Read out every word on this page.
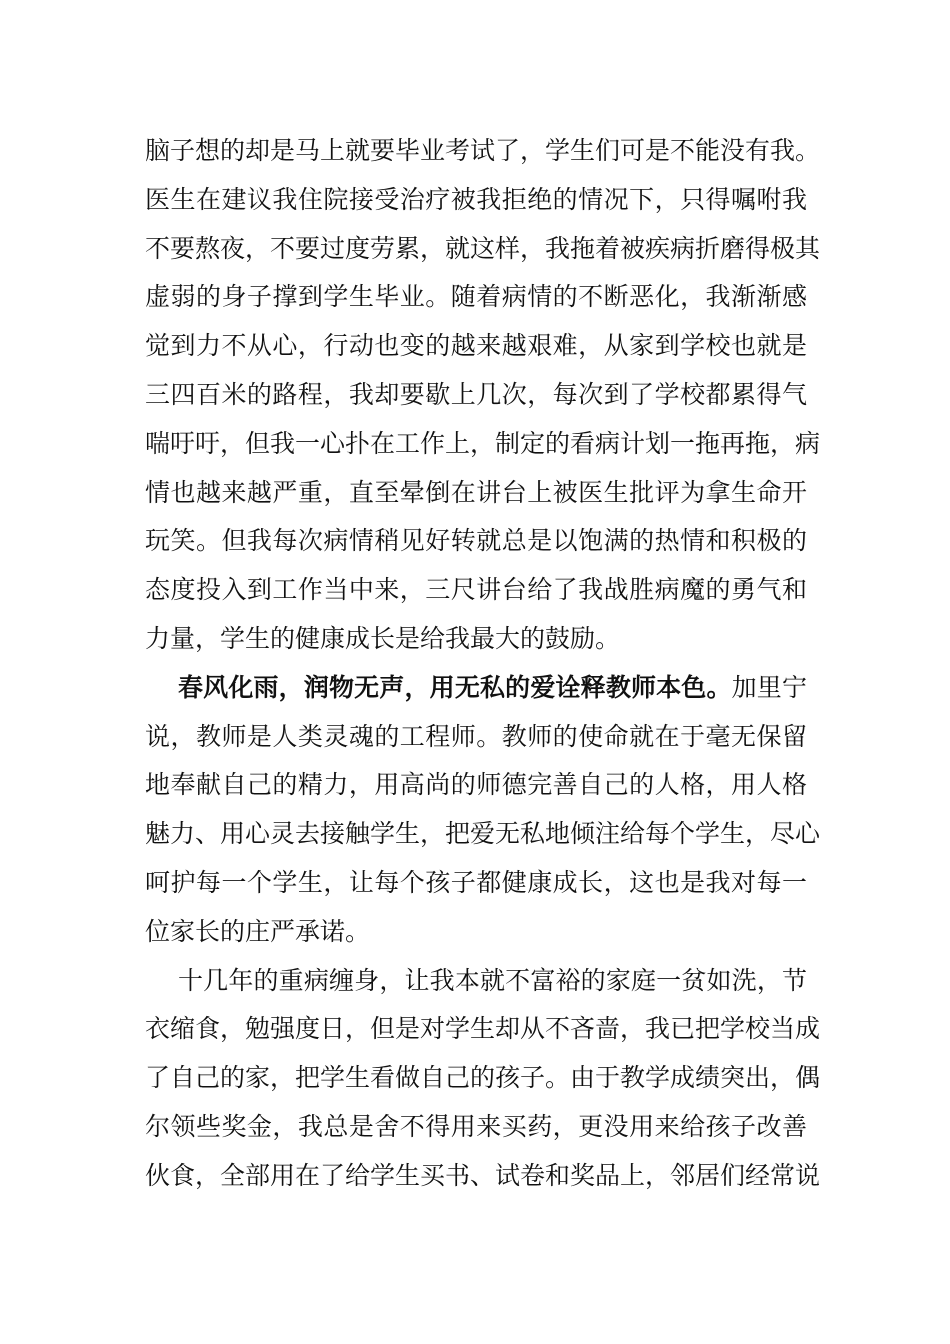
脑子想的却是马上就要毕业考试了，学生们可是不能没有我。
医生在建议我住院接受治疗被我拒绝的情况下，只得嘱咐我
不要熬夜，不要过度劳累，就这样，我拖着被疾病折磨得极其
虚弱的身子撑到学生毕业。随着病情的不断恶化，我渐渐感
觉到力不从心，行动也变的越来越艰难，从家到学校也就是
三四百米的路程，我却要歇上几次，每次到了学校都累得气
喘吁吁，但我一心扑在工作上，制定的看病计划一拖再拖，病
情也越来越严重，直至晕倒在讲台上被医生批评为拿生命开
玩笑。但我每次病情稍见好转就总是以饱满的热情和积极的
态度投入到工作当中来，三尺讲台给了我战胜病魔的勇气和
力量，学生的健康成长是给我最大的鼓励。

春风化雨，润物无声，用无私的爱诠释教师本色。加里宁
说，教师是人类灵魂的工程师。教师的使命就在于毫无保留
地奉献自己的精力，用高尚的师德完善自己的人格，用人格
魅力、用心灵去接触学生，把爱无私地倾注给每个学生，尽心
呵护每一个学生，让每个孩子都健康成长，这也是我对每一
位家长的庄严承诺。

十几年的重病缠身，让我本就不富裕的家庭一贫如洗，节
衣缩食，勉强度日，但是对学生却从不吝啬，我已把学校当成
了自己的家，把学生看做自己的孩子。由于教学成绩突出，偶
尔领些奖金，我总是舍不得用来买药，更没用来给孩子改善
伙食，全部用在了给学生买书、试卷和奖品上，邻居们经常说
